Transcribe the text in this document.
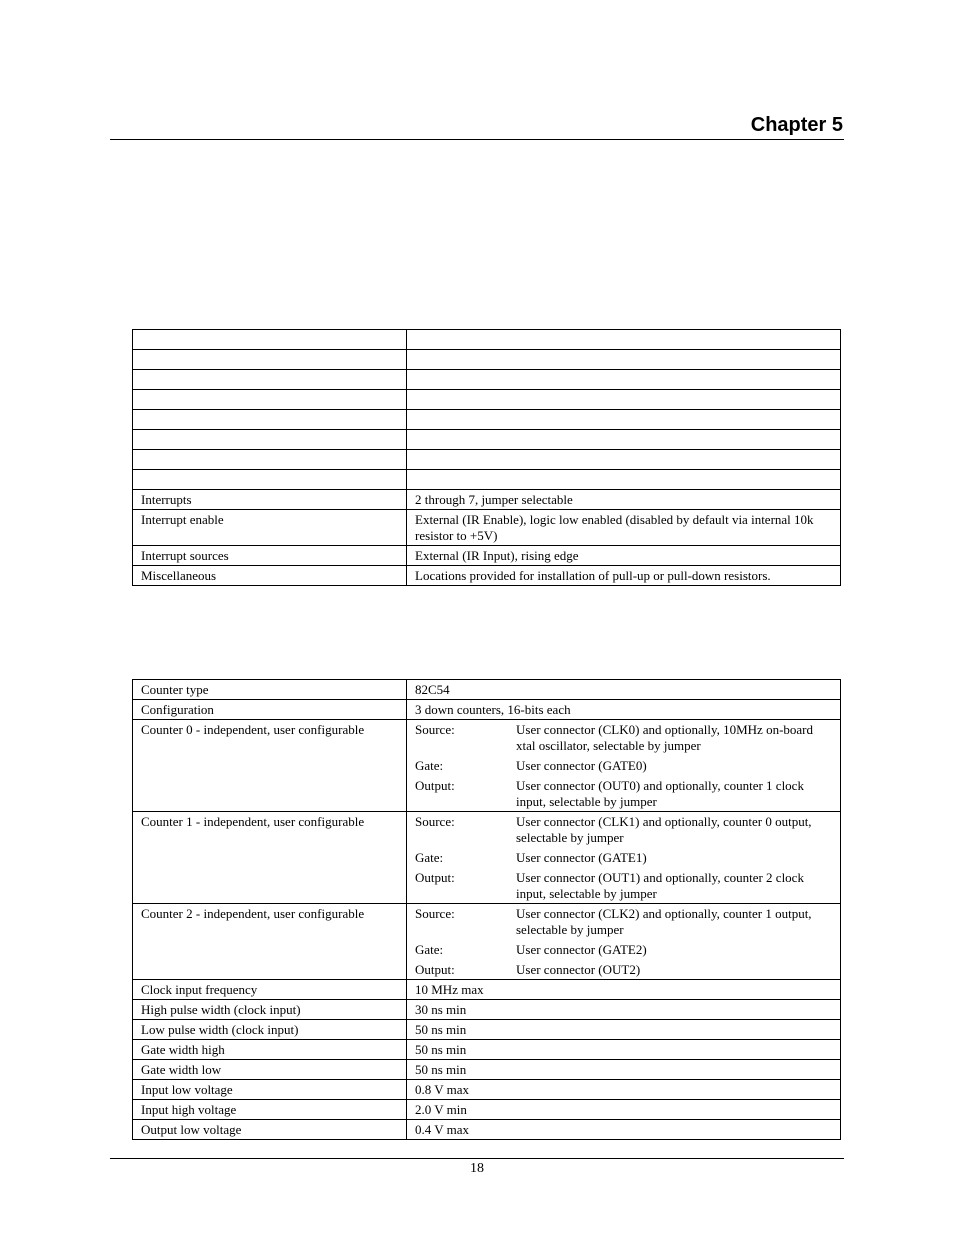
Chapter 5

Interrupts	2 through 7, jumper selectable
Interrupt enable	External (IR Enable), logic low enabled (disabled by default via internal 10k resistor to +5V)
Interrupt sources	External (IR Input), rising edge
Miscellaneous	Locations provided for installation of pull-up or pull-down resistors.
Counter type	82C54
Configuration	3 down counters, 16-bits each
Counter 0 - independent, user configurable		Source:	User connector (CLK0) and optionally, 10MHz on-board xtal oscillator, selectable by jumper
Gate:	User connector (GATE0)
Output:	User connector (OUT0) and optionally, counter 1 clock input, selectable by jumper

Counter 1 - independent, user configurable		Source:	User connector (CLK1) and optionally, counter 0 output, selectable by jumper
Gate:	User connector (GATE1)
Output:	User connector (OUT1) and optionally, counter 2 clock input, selectable by jumper

Counter 2 - independent, user configurable		Source:	User connector (CLK2) and optionally, counter 1 output, selectable by jumper
Gate:	User connector (GATE2)
Output:	User connector (OUT2)

Clock input frequency	10 MHz max
High pulse width (clock input)	30 ns min
Low pulse width (clock input)	50 ns min
Gate width high	50 ns min
Gate width low	50 ns min
Input low voltage	0.8 V max
Input high voltage	2.0 V min
Output low voltage	0.4 V max
18
